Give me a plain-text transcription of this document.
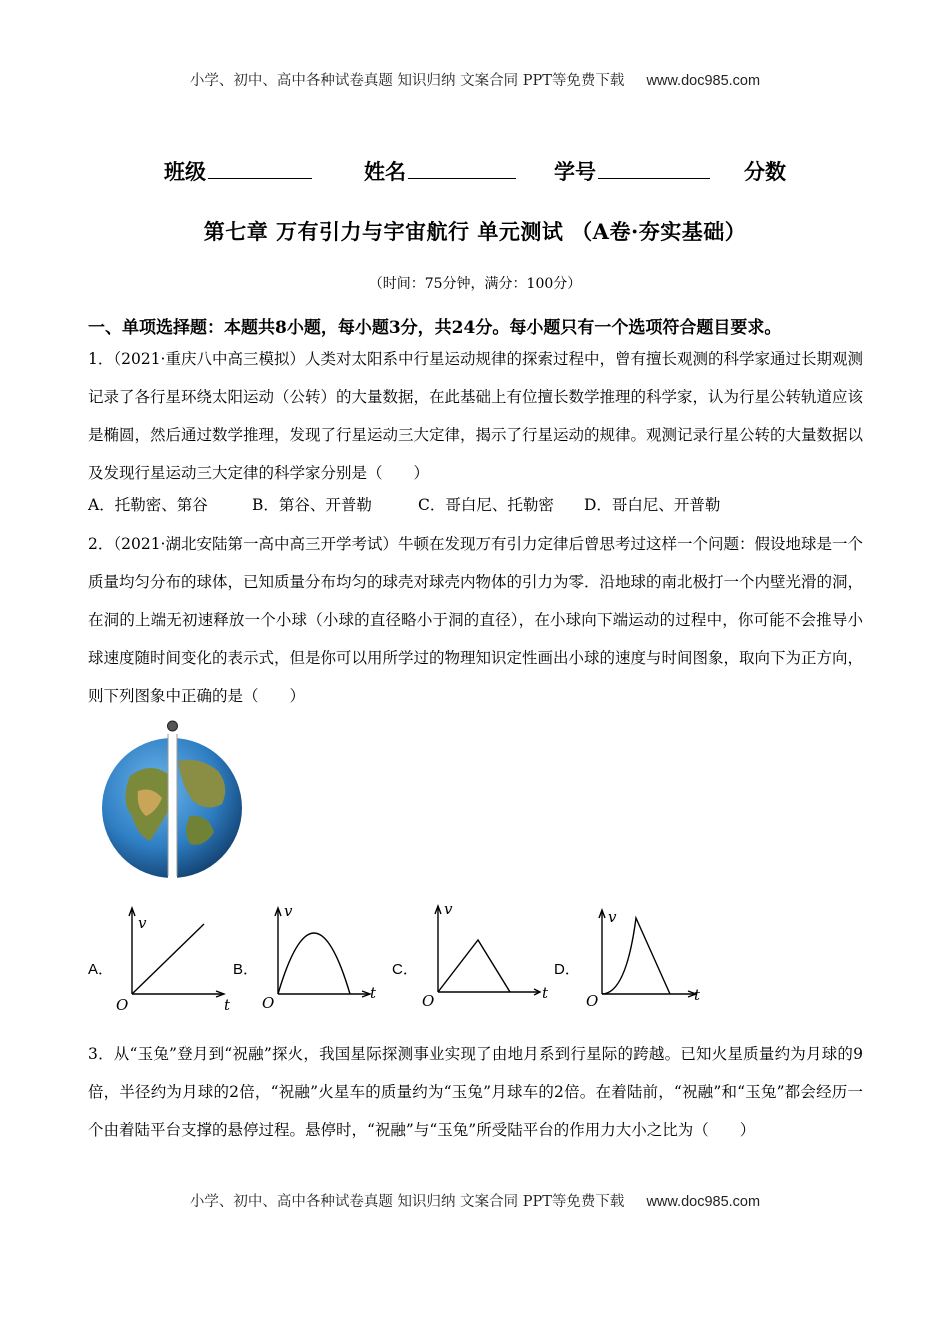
小学、初中、高中各种试卷真题 知识归纳 文案合同 PPT等免费下载 www.doc985.com
班级	姓名	学号	分数
第七章 万有引力与宇宙航行 单元测试 （A卷·夯实基础）
（时间：75分钟，满分：100分）
一、单项选择题：本题共8小题，每小题3分，共24分。每小题只有一个选项符合题目要求。
1．（2021·重庆八中高三模拟）人类对太阳系中行星运动规律的探索过程中，曾有擅长观测的科学家通过长期观测记录了各行星环绕太阳运动（公转）的大量数据，在此基础上有位擅长数学推理的科学家，认为行星公转轨道应该是椭圆，然后通过数学推理，发现了行星运动三大定律，揭示了行星运动的规律。观测记录行星公转的大量数据以及发现行星运动三大定律的科学家分别是（　　）
A．托勒密、第谷	B．第谷、开普勒	C．哥白尼、托勒密 D．哥白尼、开普勒
2．（2021·湖北安陆第一高中高三开学考试）牛顿在发现万有引力定律后曾思考过这样一个问题：假设地球是一个质量均匀分布的球体，已知质量分布均匀的球壳对球壳内物体的引力为零．沿地球的南北极打一个内壁光滑的洞，在洞的上端无初速释放一个小球（小球的直径略小于洞的直径），在小球向下端运动的过程中，你可能不会推导小球速度随时间变化的表示式，但是你可以用所学过的物理知识定性画出小球的速度与时间图象，取向下为正方向，则下列图象中正确的是（　　）
A．
v
t
O
B．
v
t
O
C．
v
t
O
D．
v
t
O
3．从“玉兔”登月到“祝融”探火，我国星际探测事业实现了由地月系到行星际的跨越。已知火星质量约为月球的9倍，半径约为月球的2倍，“祝融”火星车的质量约为“玉兔”月球车的2倍。在着陆前，“祝融”和“玉兔”都会经历一个由着陆平台支撑的悬停过程。悬停时，“祝融”与“玉兔”所受陆平台的作用力大小之比为（　　）
小学、初中、高中各种试卷真题 知识归纳 文案合同 PPT等免费下载 www.doc985.com
